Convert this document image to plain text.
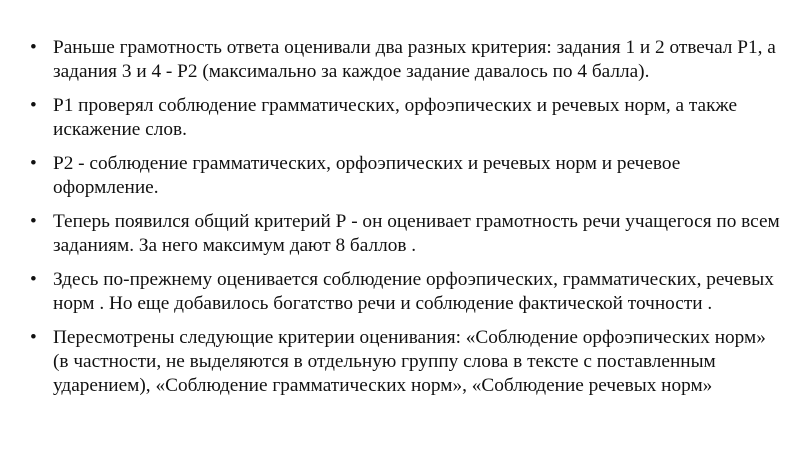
• Раньше грамотность ответа оценивали два разных критерия: задания 1 и 2 отвечал Р1, а задания 3 и 4 - Р2 (максимально за каждое задание давалось по 4 балла).
• Р1 проверял соблюдение грамматических, орфоэпических и речевых норм, а также искажение слов.
• Р2 - соблюдение грамматических, орфоэпических и речевых норм и речевое оформление.
• Теперь появился общий критерий Р - он оценивает грамотность речи учащегося по всем заданиям. За него максимум дают 8 баллов .
• Здесь по-прежнему оценивается соблюдение орфоэпических, грамматических, речевых норм . Но еще добавилось богатство речи и соблюдение фактической точности .
• Пересмотрены следующие критерии оценивания: «Соблюдение орфоэпических норм» (в частности, не выделяются в отдельную группу слова в тексте с поставленным ударением), «Соблюдение грамматических норм», «Соблюдение речевых норм»
